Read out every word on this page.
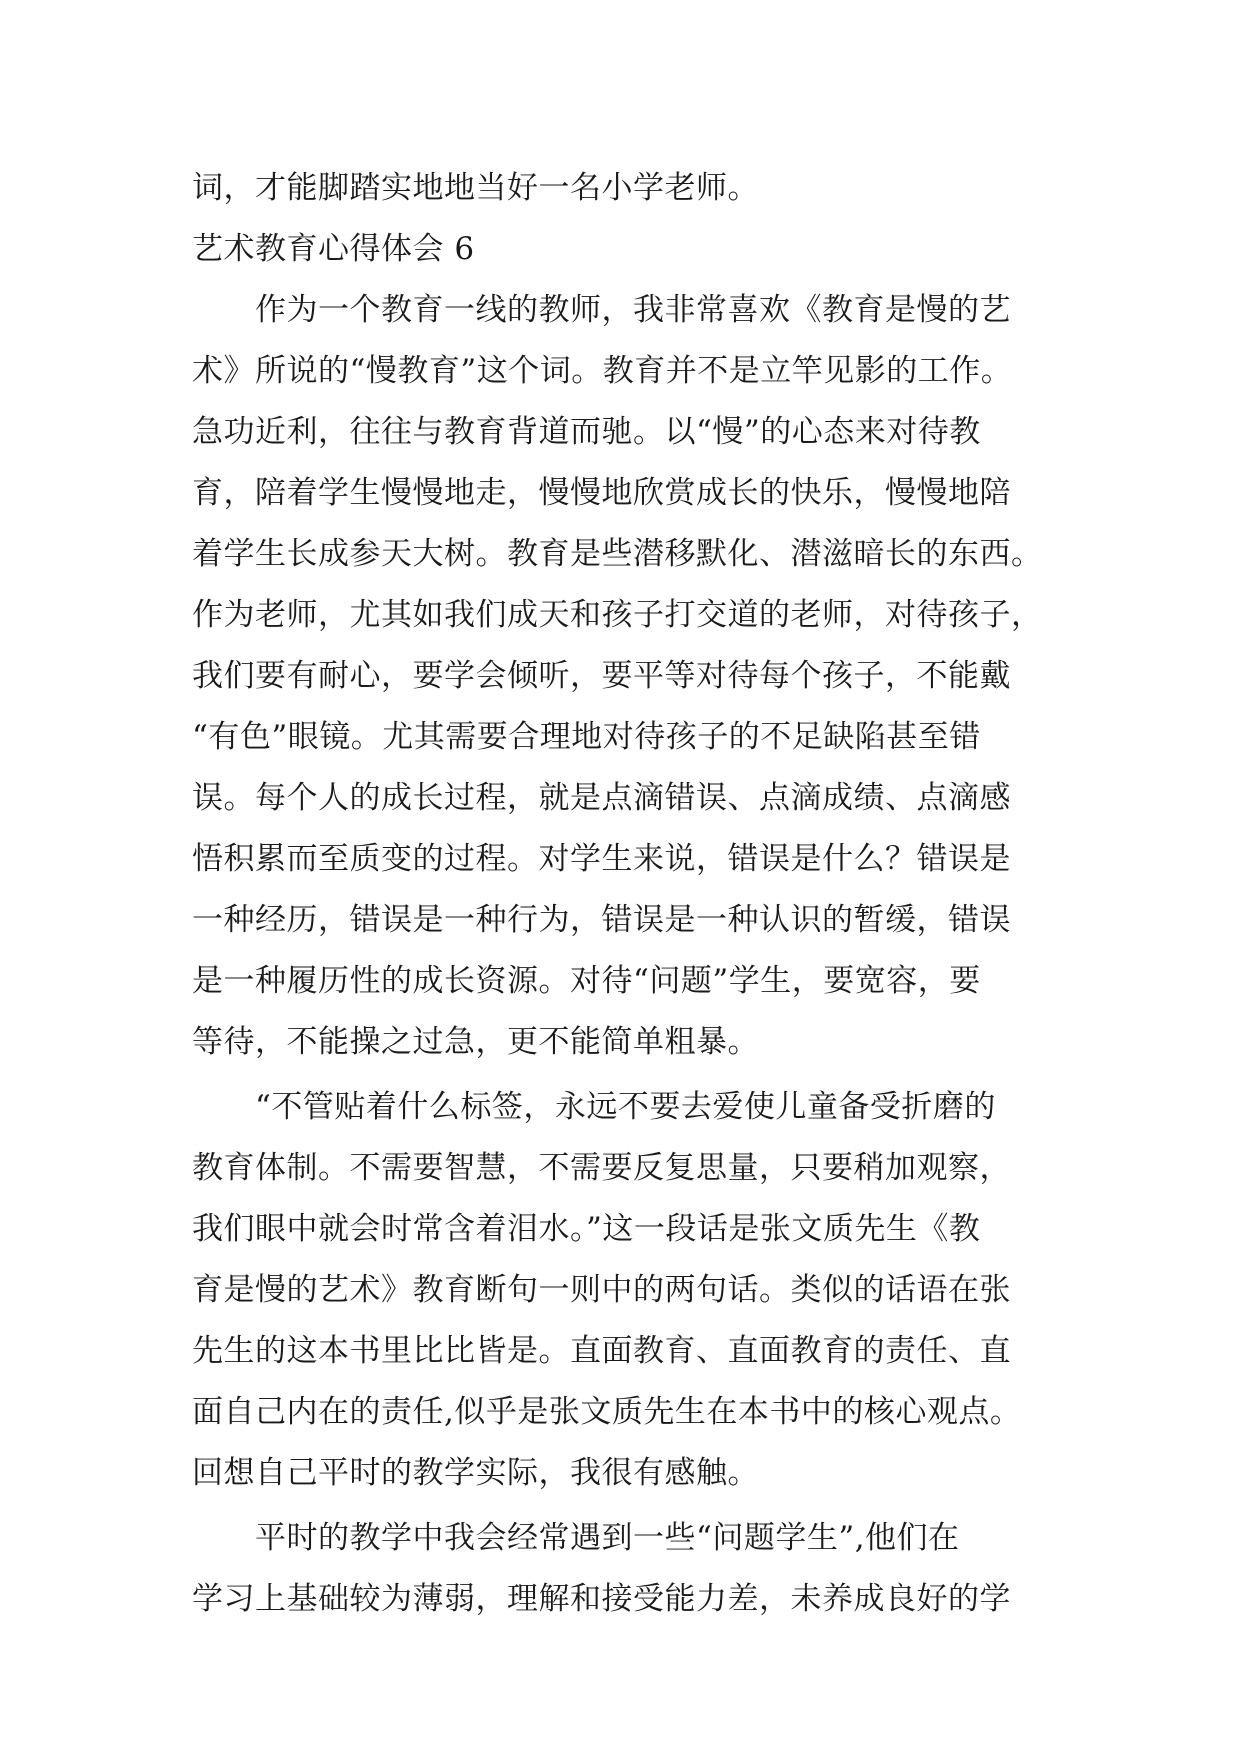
词，才能脚踏实地地当好一名小学老师。
艺术教育心得体会 6
　　作为一个教育一线的教师，我非常喜欢《教育是慢的艺
术》所说的“慢教育”这个词。教育并不是立竿见影的工作。
急功近利，往往与教育背道而驰。以“慢”的心态来对待教
育，陪着学生慢慢地走，慢慢地欣赏成长的快乐，慢慢地陪
着学生长成参天大树。教育是些潜移默化、潜滋暗长的东西。
作为老师，尤其如我们成天和孩子打交道的老师，对待孩子，
我们要有耐心，要学会倾听，要平等对待每个孩子，不能戴
“有色”眼镜。尤其需要合理地对待孩子的不足缺陷甚至错
误。每个人的成长过程，就是点滴错误、点滴成绩、点滴感
悟积累而至质变的过程。对学生来说，错误是什么？错误是
一种经历，错误是一种行为，错误是一种认识的暂缓，错误
是一种履历性的成长资源。对待“问题”学生，要宽容，要
等待，不能操之过急，更不能简单粗暴。
　　“不管贴着什么标签，永远不要去爱使儿童备受折磨的
教育体制。不需要智慧，不需要反复思量，只要稍加观察，
我们眼中就会时常含着泪水。”这一段话是张文质先生《教
育是慢的艺术》教育断句一则中的两句话。类似的话语在张
先生的这本书里比比皆是。直面教育、直面教育的责任、直
面自己内在的责任,似乎是张文质先生在本书中的核心观点。
回想自己平时的教学实际，我很有感触。
　　平时的教学中我会经常遇到一些“问题学生”,他们在
学习上基础较为薄弱，理解和接受能力差，未养成良好的学
